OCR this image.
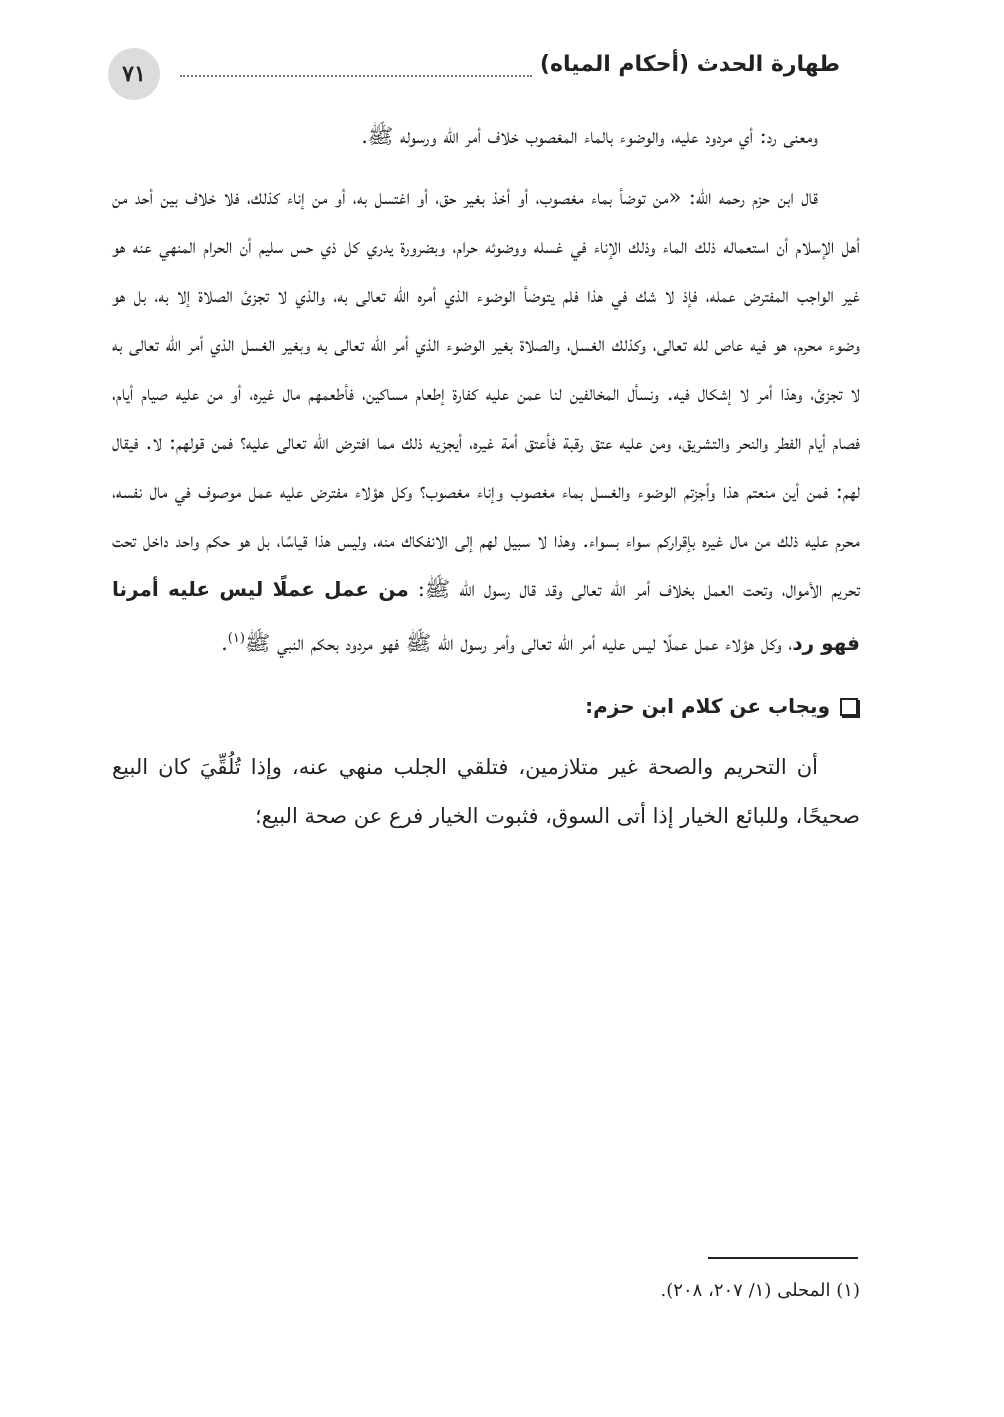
٧١	طهارة الحدث (أحكام المياه)

ومعنى رد: أي مردود عليه، والوضوء بالماء المغصوب خلاف أمر الله ورسوله ﷺ.

قال ابن حزم رحمه الله: «من توضأ بماء مغصوب، أو أخذ بغير حق، أو اغتسل به، أو من إناء كذلك، فلا خلاف بين أحد من أهل الإسلام أن استعماله ذلك الماء وذلك الإناء في غسله ووضوئه حرام، وبضرورة يدري كل ذي حس سليم أن الحرام المنهي عنه هو غير الواجب المفترض عمله، فإذ لا شك في هذا فلم يتوضأ الوضوء الذي أمره الله تعالى به، والذي لا تجزئ الصلاة إلا به، بل هو وضوء محرم، هو فيه عاص لله تعالى، وكذلك الغسل، والصلاة بغير الوضوء الذي أمر الله تعالى به وبغير الغسل الذي أمر الله تعالى به لا تجزئ، وهذا أمر لا إشكال فيه. ونسأل المخالفين لنا عمن عليه كفارة إطعام مساكين، فأطعمهم مال غيره، أو من عليه صيام أيام، فصام أيام الفطر والنحر والتشريق، ومن عليه عتق رقبة فأعتق أمة غيره، أيجزيه ذلك مما افترض الله تعالى عليه؟ فمن قولهم: لا. فيقال لهم: فمن أين منعتم هذا وأجزتم الوضوء والغسل بماء مغصوب وإناء مغصوب؟ وكل هؤلاء مفترض عليه عمل موصوف في مال نفسه، محرم عليه ذلك من مال غيره بإقراركم سواء بسواء. وهذا لا سبيل لهم إلى الانفكاك منه، وليس هذا قياسًا، بل هو حكم واحد داخل تحت تحريم الأموال، وتحت العمل بخلاف أمر الله تعالى وقد قال رسول الله ﷺ: من عمل عملًا ليس عليه أمرنا فهو رد، وكل هؤلاء عمل عملًا ليس عليه أمر الله تعالى وأمر رسول الله ﷺ فهو مردود بحكم النبي ﷺ$^{(١)}$.

ويجاب عن كلام ابن حزم:

أن التحريم والصحة غير متلازمين، فتلقي الجلب منهي عنه، وإذا تُلُقِّيَ كان البيع صحيحًا، وللبائع الخيار إذا أتى السوق، فثبوت الخيار فرع عن صحة البيع؛

(١) المحلى (١/ ٢٠٧، ٢٠٨).
